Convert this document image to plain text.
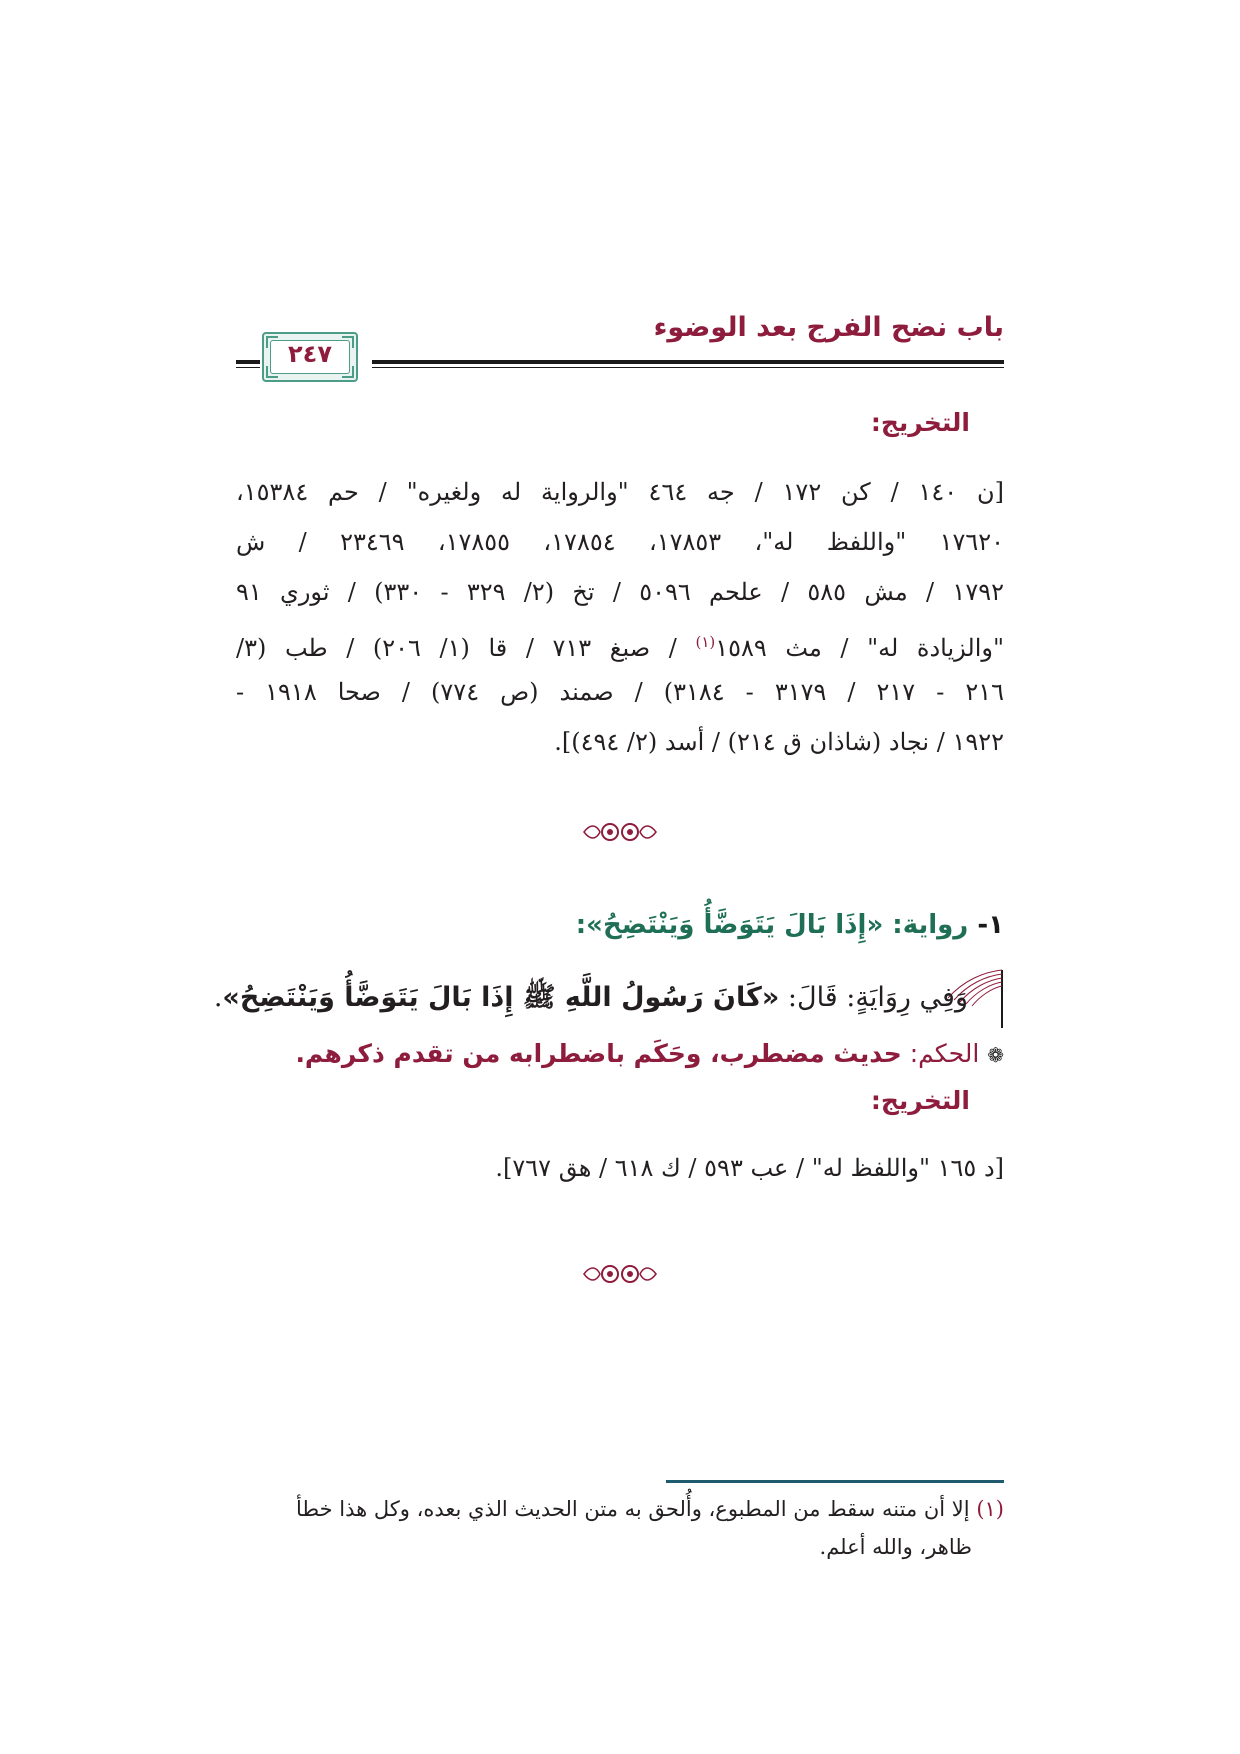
باب نضح الفرج بعد الوضوء
٢٤٧
التخريج:
[ن ١٤٠ / كن ١٧٢ / جه ٤٦٤ "والرواية له ولغيره" / حم ١٥٣٨٤،
١٧٦٢٠ "واللفظ له"، ١٧٨٥٣، ١٧٨٥٤، ١٧٨٥٥، ٢٣٤٦٩ / ش
١٧٩٢ / مش ٥٨٥ / علحم ٥٠٩٦ / تخ (٢/ ٣٢٩ - ٣٣٠) / ثوري ٩١
"والزيادة له" / مث ١٥٨٩$^{(١)}$ / صبغ ٧١٣ / قا (١/ ٢٠٦) / طب (٣/
٢١٦ - ٢١٧ / ٣١٧٩ - ٣١٨٤) / صمند (ص ٧٧٤) / صحا ١٩١٨ -
١٩٢٢ / نجاد (شاذان ق ٢١٤) / أسد (٢/ ٤٩٤)].
١- رواية: «إِذَا بَالَ يَتَوَضَّأُ وَيَنْتَضِحُ»:
وَفِي رِوَايَةٍ: قَالَ: «كَانَ رَسُولُ اللَّهِ ﷺ إِذَا بَالَ يَتَوَضَّأُ وَيَنْتَضِحُ».
❁ الحكم: حديث مضطرب، وحَكَم باضطرابه من تقدم ذكرهم.
التخريج:
[د ١٦٥ "واللفظ له" / عب ٥٩٣ / ك ٦١٨ / هق ٧٦٧].
(١) إلا أن متنه سقط من المطبوع، وأُلحق به متن الحديث الذي بعده، وكل هذا خطأ
ظاهر، والله أعلم.
